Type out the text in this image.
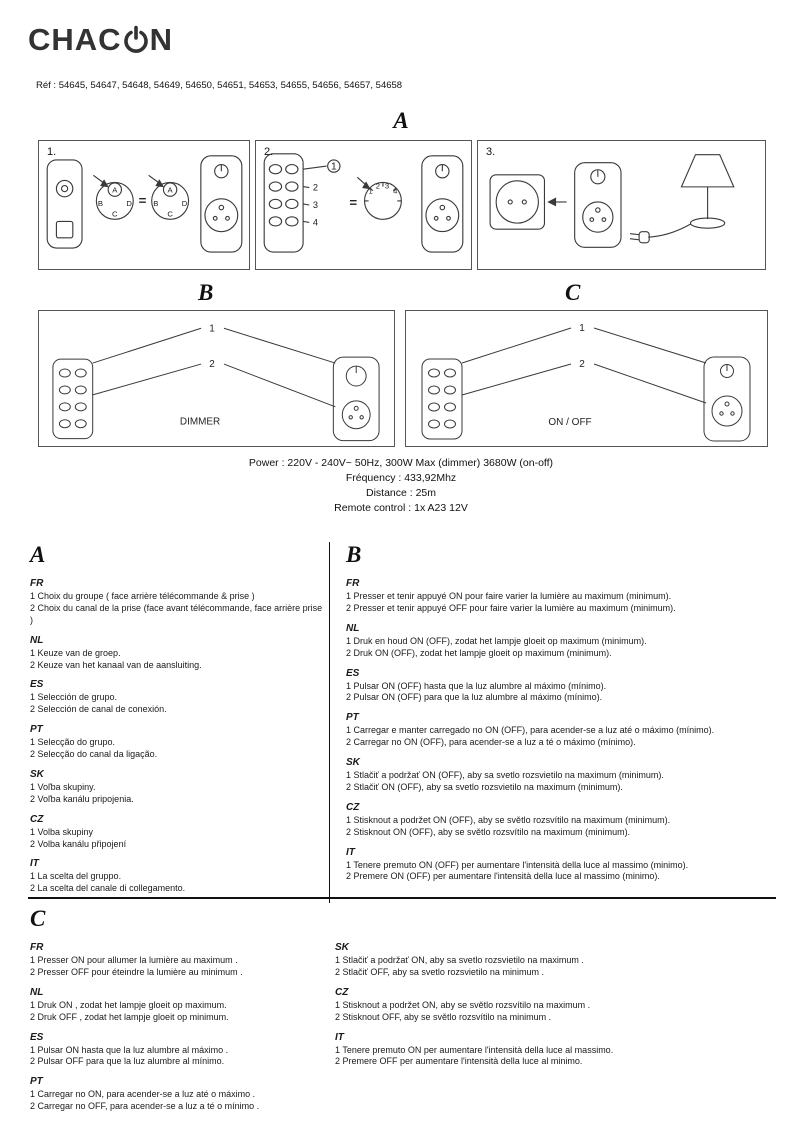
CHAC N
Réf : 54645, 54647, 54648, 54649, 54650, 54651, 54653, 54655, 54656, 54657, 54658
A
1.
A
B
C
D
A
B
C
D
=
2.
1
2
3
4
1
2 3
4
=
3.
B	C
1
2
DIMMER
1
2
ON / OFF
Power : 220V - 240V~ 50Hz, 300W Max (dimmer) 3680W (on-off)
Fréquency : 433,92Mhz
Distance : 25m
Remote control : 1x A23 12V
A
FR
1 Choix du groupe ( face arrière télécommande & prise )
2 Choix du canal de la prise (face avant télécommande, face arrière prise )
NL
1 Keuze van de groep.
2 Keuze van het kanaal van de aansluiting.
ES
1 Selección de grupo.
2 Selección de canal de conexión.
PT
1 Selecção do grupo.
2 Selecção do canal da ligação.
SK
1 Voľba skupiny.
2 Voľba kanálu pripojenia.
CZ
1 Volba skupiny
2 Volba kanálu připojení
IT
1 La scelta del gruppo.
2 La scelta del canale di collegamento.
B
FR
1 Presser et tenir appuyé ON pour faire varier la lumière au maximum (minimum).
2 Presser et tenir appuyé OFF pour faire varier la lumière au maximum (minimum).
NL
1 Druk en houd ON (OFF), zodat het lampje gloeit op maximum (minimum).
2 Druk ON (OFF), zodat het lampje gloeit op maximum (minimum).
ES
1 Pulsar ON (OFF) hasta que la luz alumbre al máximo (mínimo).
2 Pulsar ON (OFF) para que la luz alumbre al máximo (mínimo).
PT
1 Carregar e manter carregado no ON (OFF), para acender-se a luz até o máximo (mínimo).
2 Carregar no ON (OFF), para acender-se a luz a té o máximo (mínimo).
SK
1 Stlačiť a podržať ON (OFF), aby sa svetlo rozsvietilo na maximum (minimum).
2 Stlačiť ON (OFF), aby sa svetlo rozsvietilo na maximum (minimum).
CZ
1 Stisknout a podržet ON (OFF), aby se světlo rozsvítilo na maximum (minimum).
2 Stisknout ON (OFF), aby se světlo rozsvítilo na maximum (minimum).
IT
1 Tenere premuto ON (OFF) per aumentare l'intensità della luce al massimo (minimo).
2 Premere ON (OFF) per aumentare l'intensità della luce al massimo (minimo).
C
FR
1 Presser ON pour allumer la lumière au maximum .
2 Presser OFF pour éteindre la lumière au minimum .
NL
1 Druk ON , zodat het lampje gloeit op maximum.
2 Druk OFF , zodat het lampje gloeit op minimum.
ES
1 Pulsar ON hasta que la luz alumbre al máximo .
2 Pulsar OFF para que la luz alumbre al mínimo.
PT
1 Carregar no ON, para acender-se a luz até o máximo .
2 Carregar no OFF, para acender-se a luz a té o mínimo .
SK
1 Stlačiť a podržať ON, aby sa svetlo rozsvietilo na maximum .
2 Stlačiť OFF, aby sa svetlo rozsvietilo na minimum .
CZ
1 Stisknout a podržet ON, aby se světlo rozsvítilo na maximum .
2 Stisknout OFF, aby se světlo rozsvítilo na minimum .
IT
1 Tenere premuto ON per aumentare l'intensità della luce al massimo.
2 Premere OFF per aumentare l'intensità della luce al minimo.
